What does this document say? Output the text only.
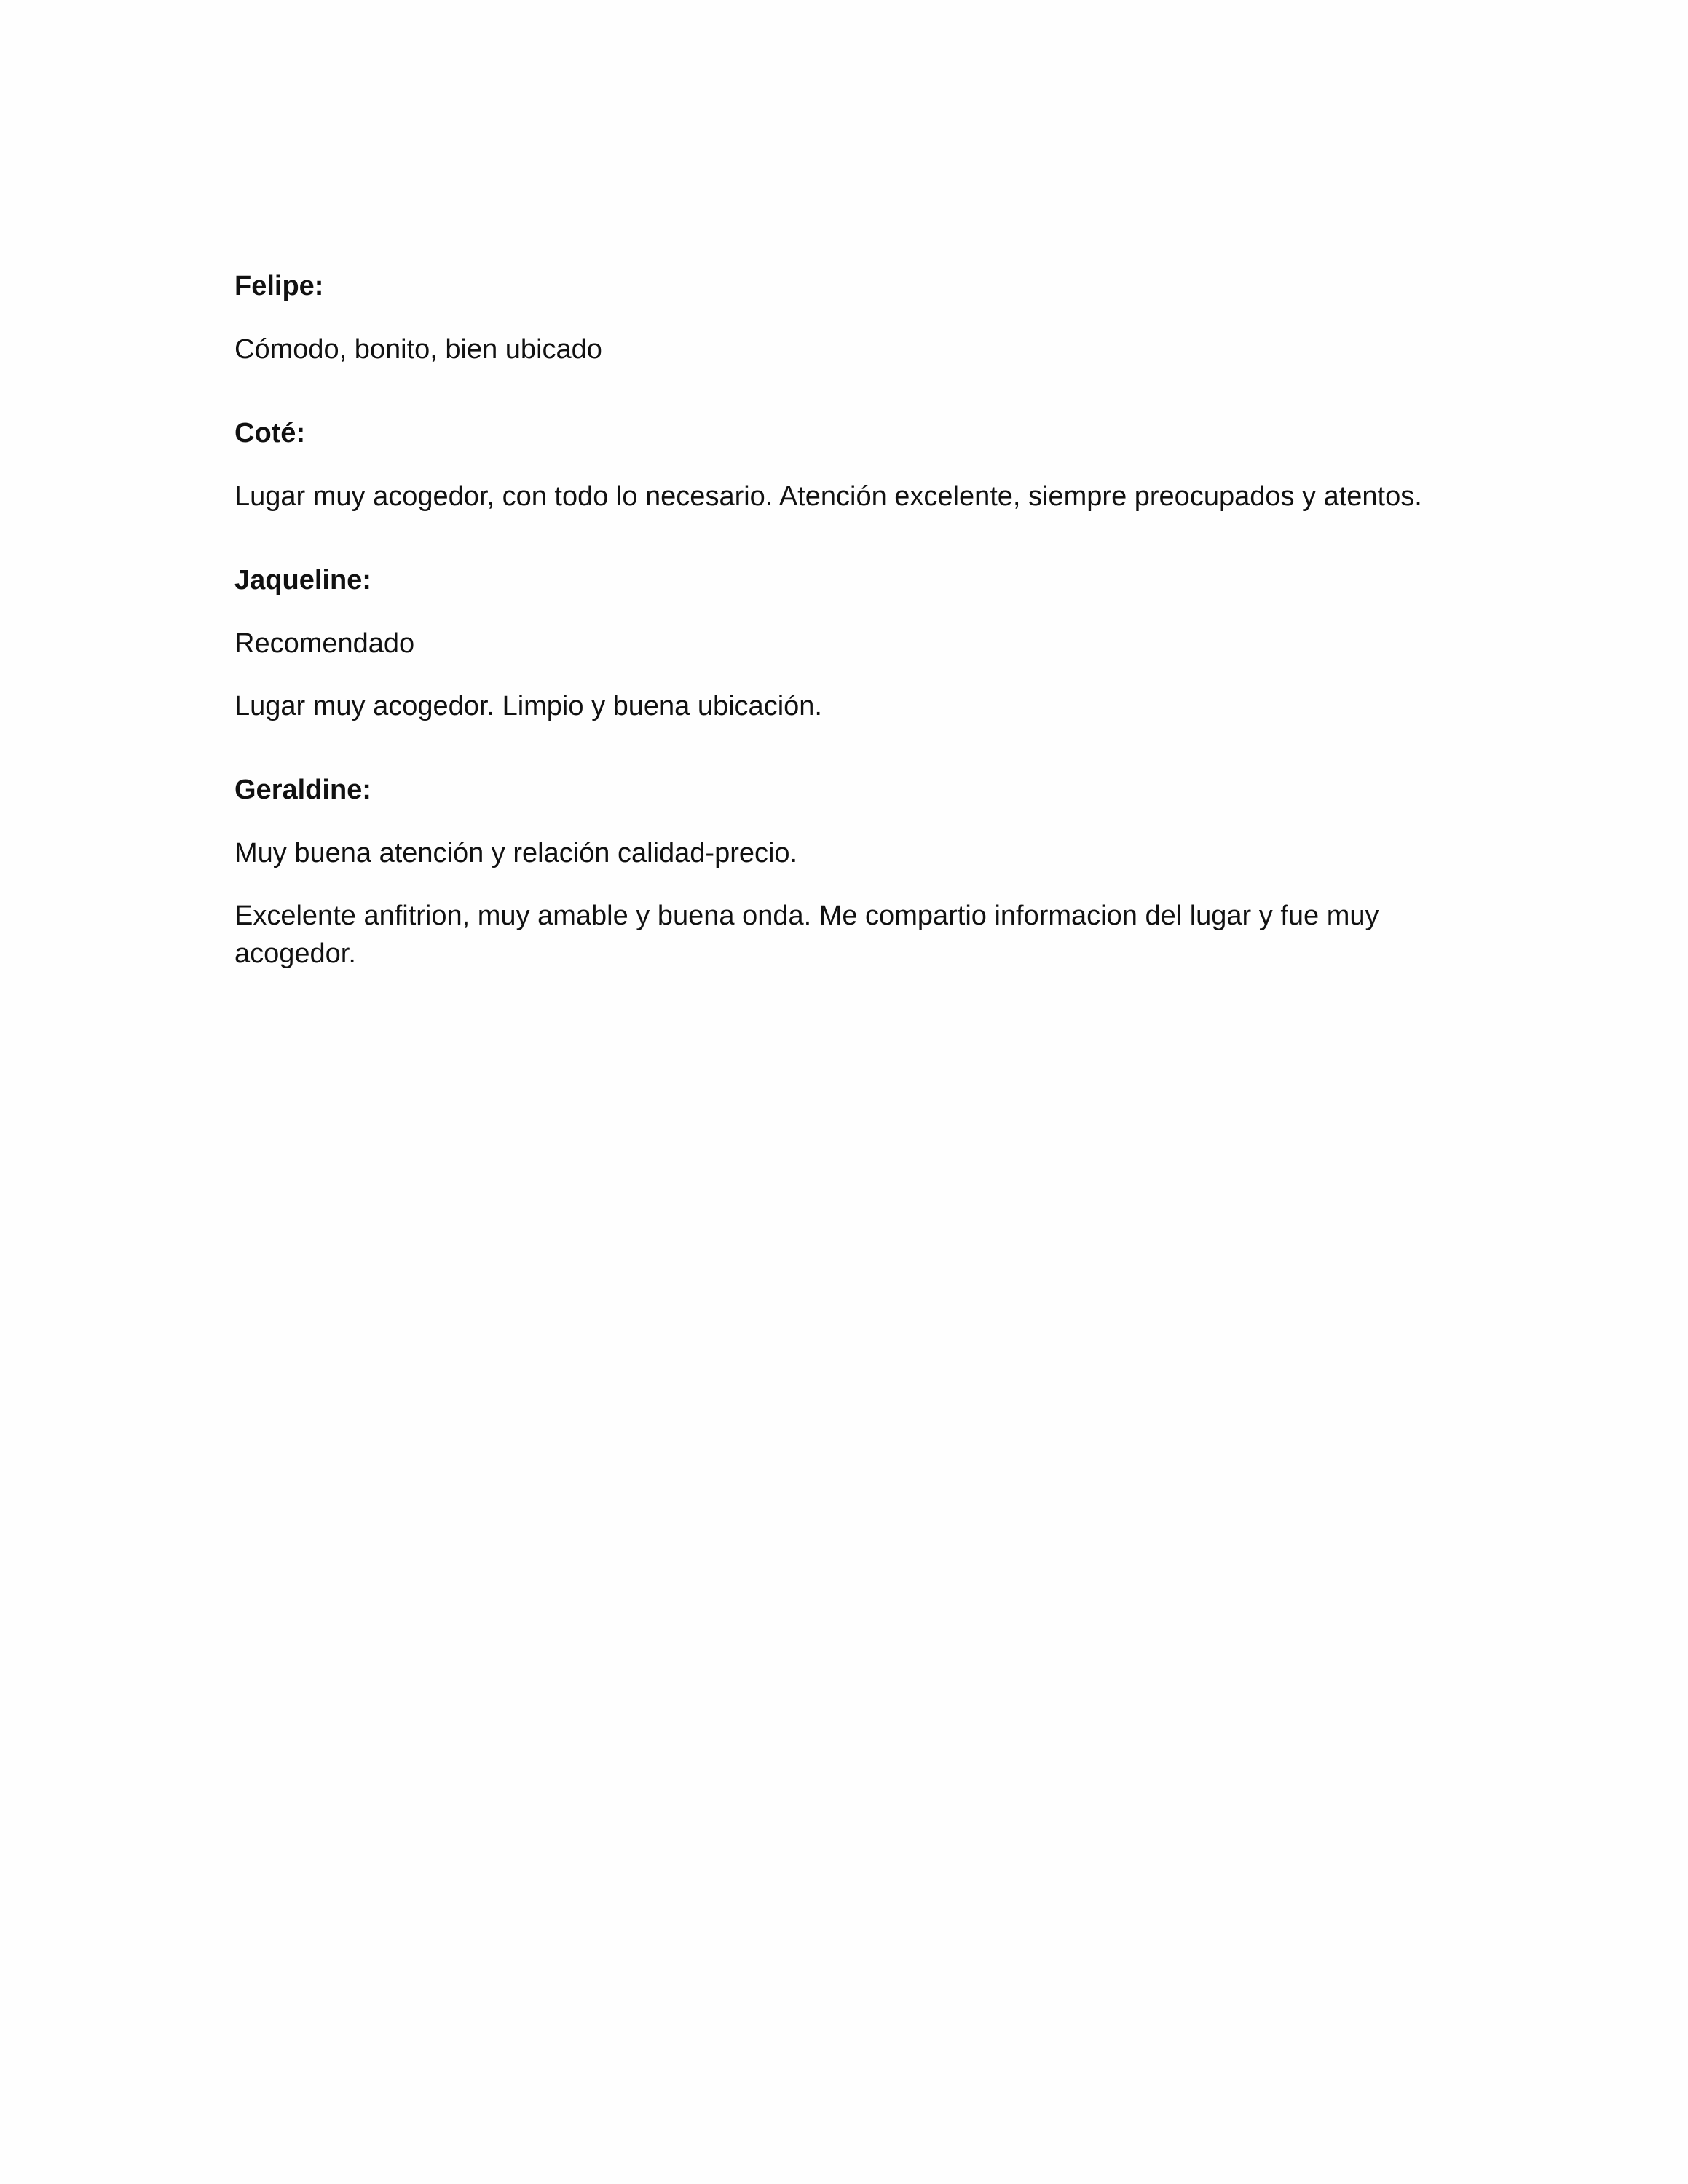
Felipe:
Cómodo, bonito, bien ubicado
Coté:
Lugar muy acogedor, con todo lo necesario. Atención excelente, siempre preocupados y atentos.
Jaqueline:
Recomendado
Lugar muy acogedor. Limpio y buena ubicación.
Geraldine:
Muy buena atención y relación calidad-precio.
Excelente anfitrion, muy amable y buena onda. Me compartio informacion del lugar y fue muy acogedor.
